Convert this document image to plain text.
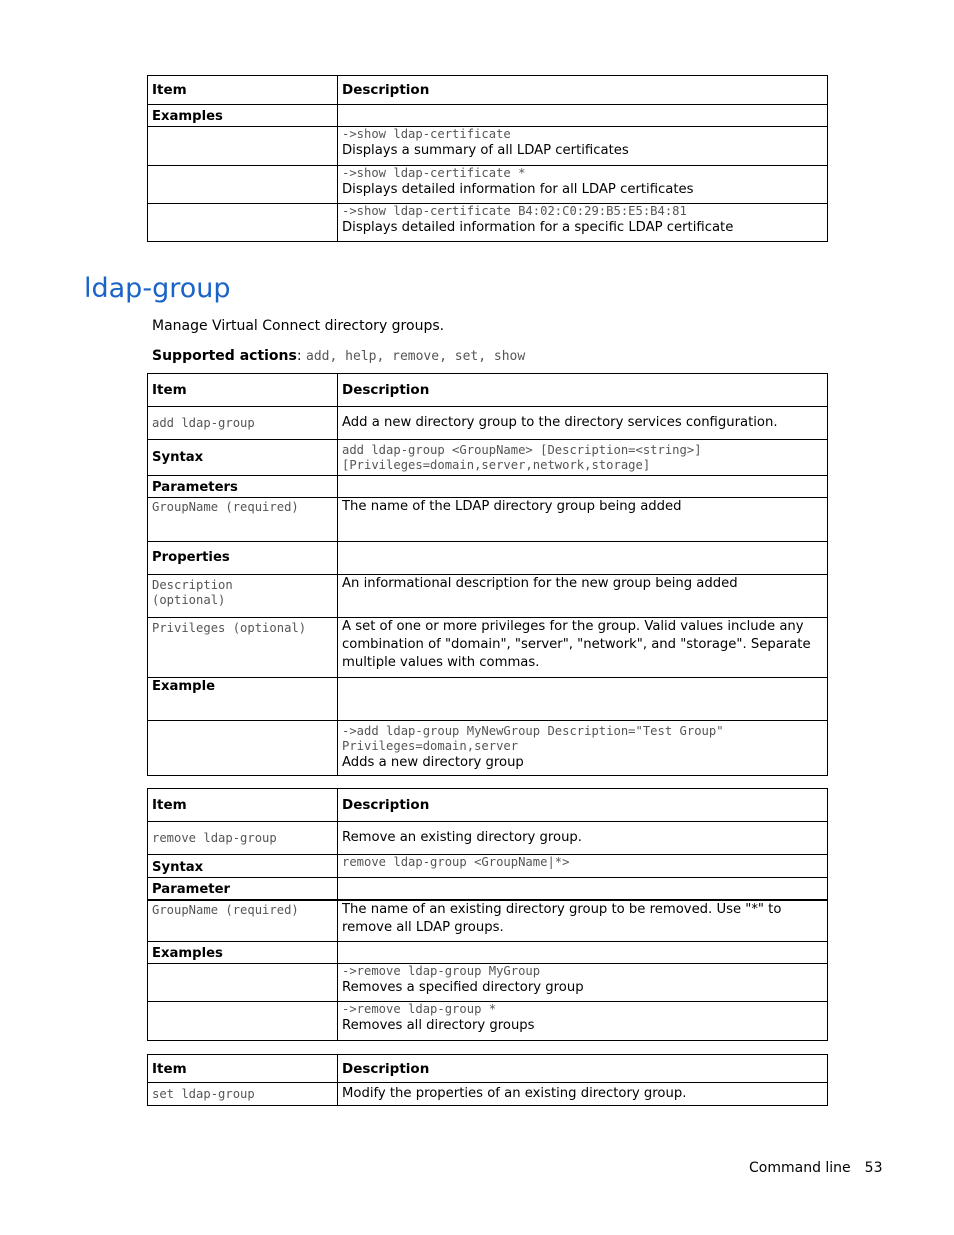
Item	Description
Examples	

	->show ldap-certificate
Displays a summary of all LDAP certificates

	->show ldap-certificate *
Displays detailed information for all LDAP certificates

	->show ldap-certificate B4:02:C0:29:B5:E5:B4:81
Displays detailed information for a specific LDAP certificate
ldap-group
Manage Virtual Connect directory groups.
Supported actions: add, help, remove, set, show
Item	Description

add ldap-group	Add a new directory group to the directory services configuration.
Syntax	add ldap-group <GroupName> [Description=<string>]
[Privileges=domain,server,network,storage]

Parameters	

GroupName (required)	The name of the LDAP directory group being added
Properties	

Description
(optional)	An informational description for the new group being added

Privileges (optional)	A set of one or more privileges for the group. Valid values include any combination of "domain", "server", "network", and "storage". Separate multiple values with commas.
Example	

	->add ldap-group MyNewGroup Description="Test Group"
Privileges=domain,server
Adds a new directory group
Item	Description

remove ldap-group	Remove an existing directory group.
Syntax	remove ldap-group <GroupName|*>

Parameter	

GroupName (required)	The name of an existing directory group to be removed. Use "*" to remove all LDAP groups.
Examples	

	->remove ldap-group MyGroup
Removes a specified directory group

	->remove ldap-group *
Removes all directory groups
Item	Description

set ldap-group	Modify the properties of an existing directory group.
Command line 53
